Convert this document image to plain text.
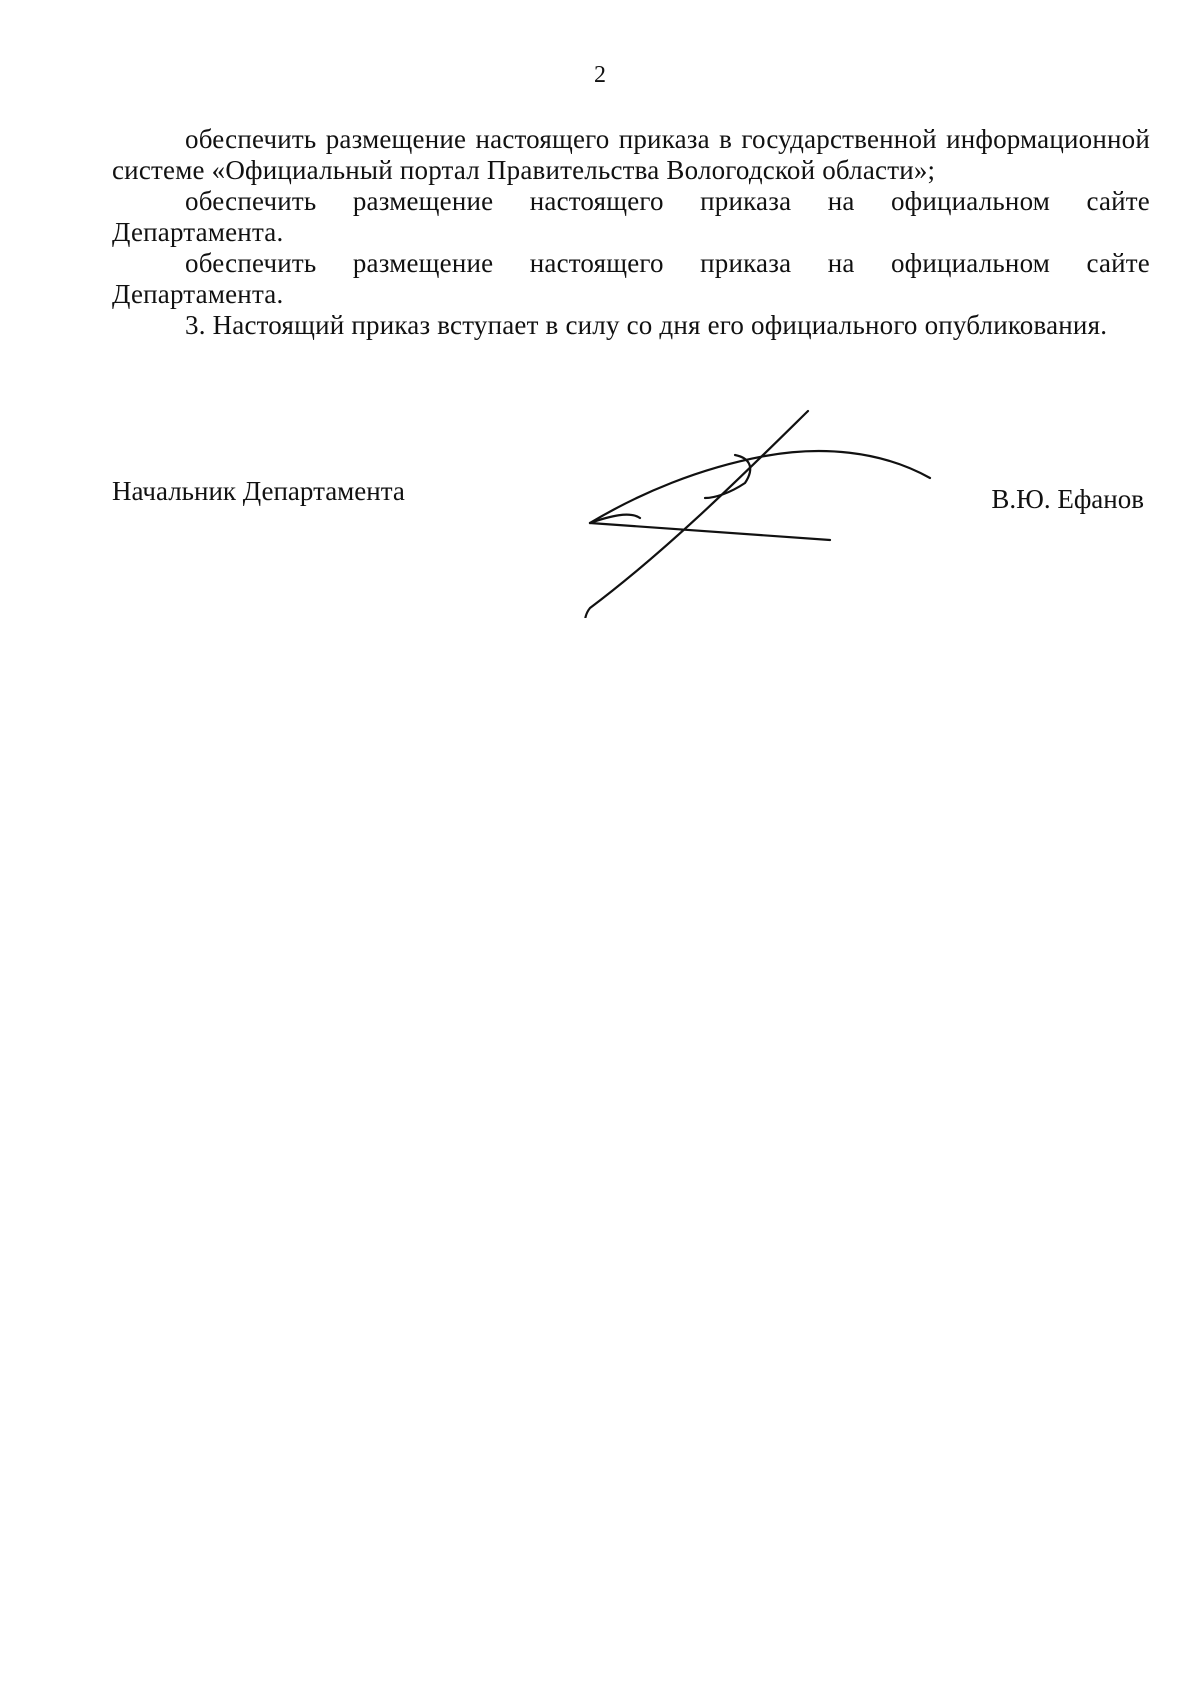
2

обеспечить размещение настоящего приказа в государственной информационной системе «Официальный портал Правительства Вологодской области»;

обеспечить размещение настоящего приказа на официальном сайте Департамента.

обеспечить размещение настоящего приказа на официальном сайте Департамента.

3. Настоящий приказ вступает в силу со дня его официального опубликования.

Начальник Департамента	В.Ю. Ефанов
